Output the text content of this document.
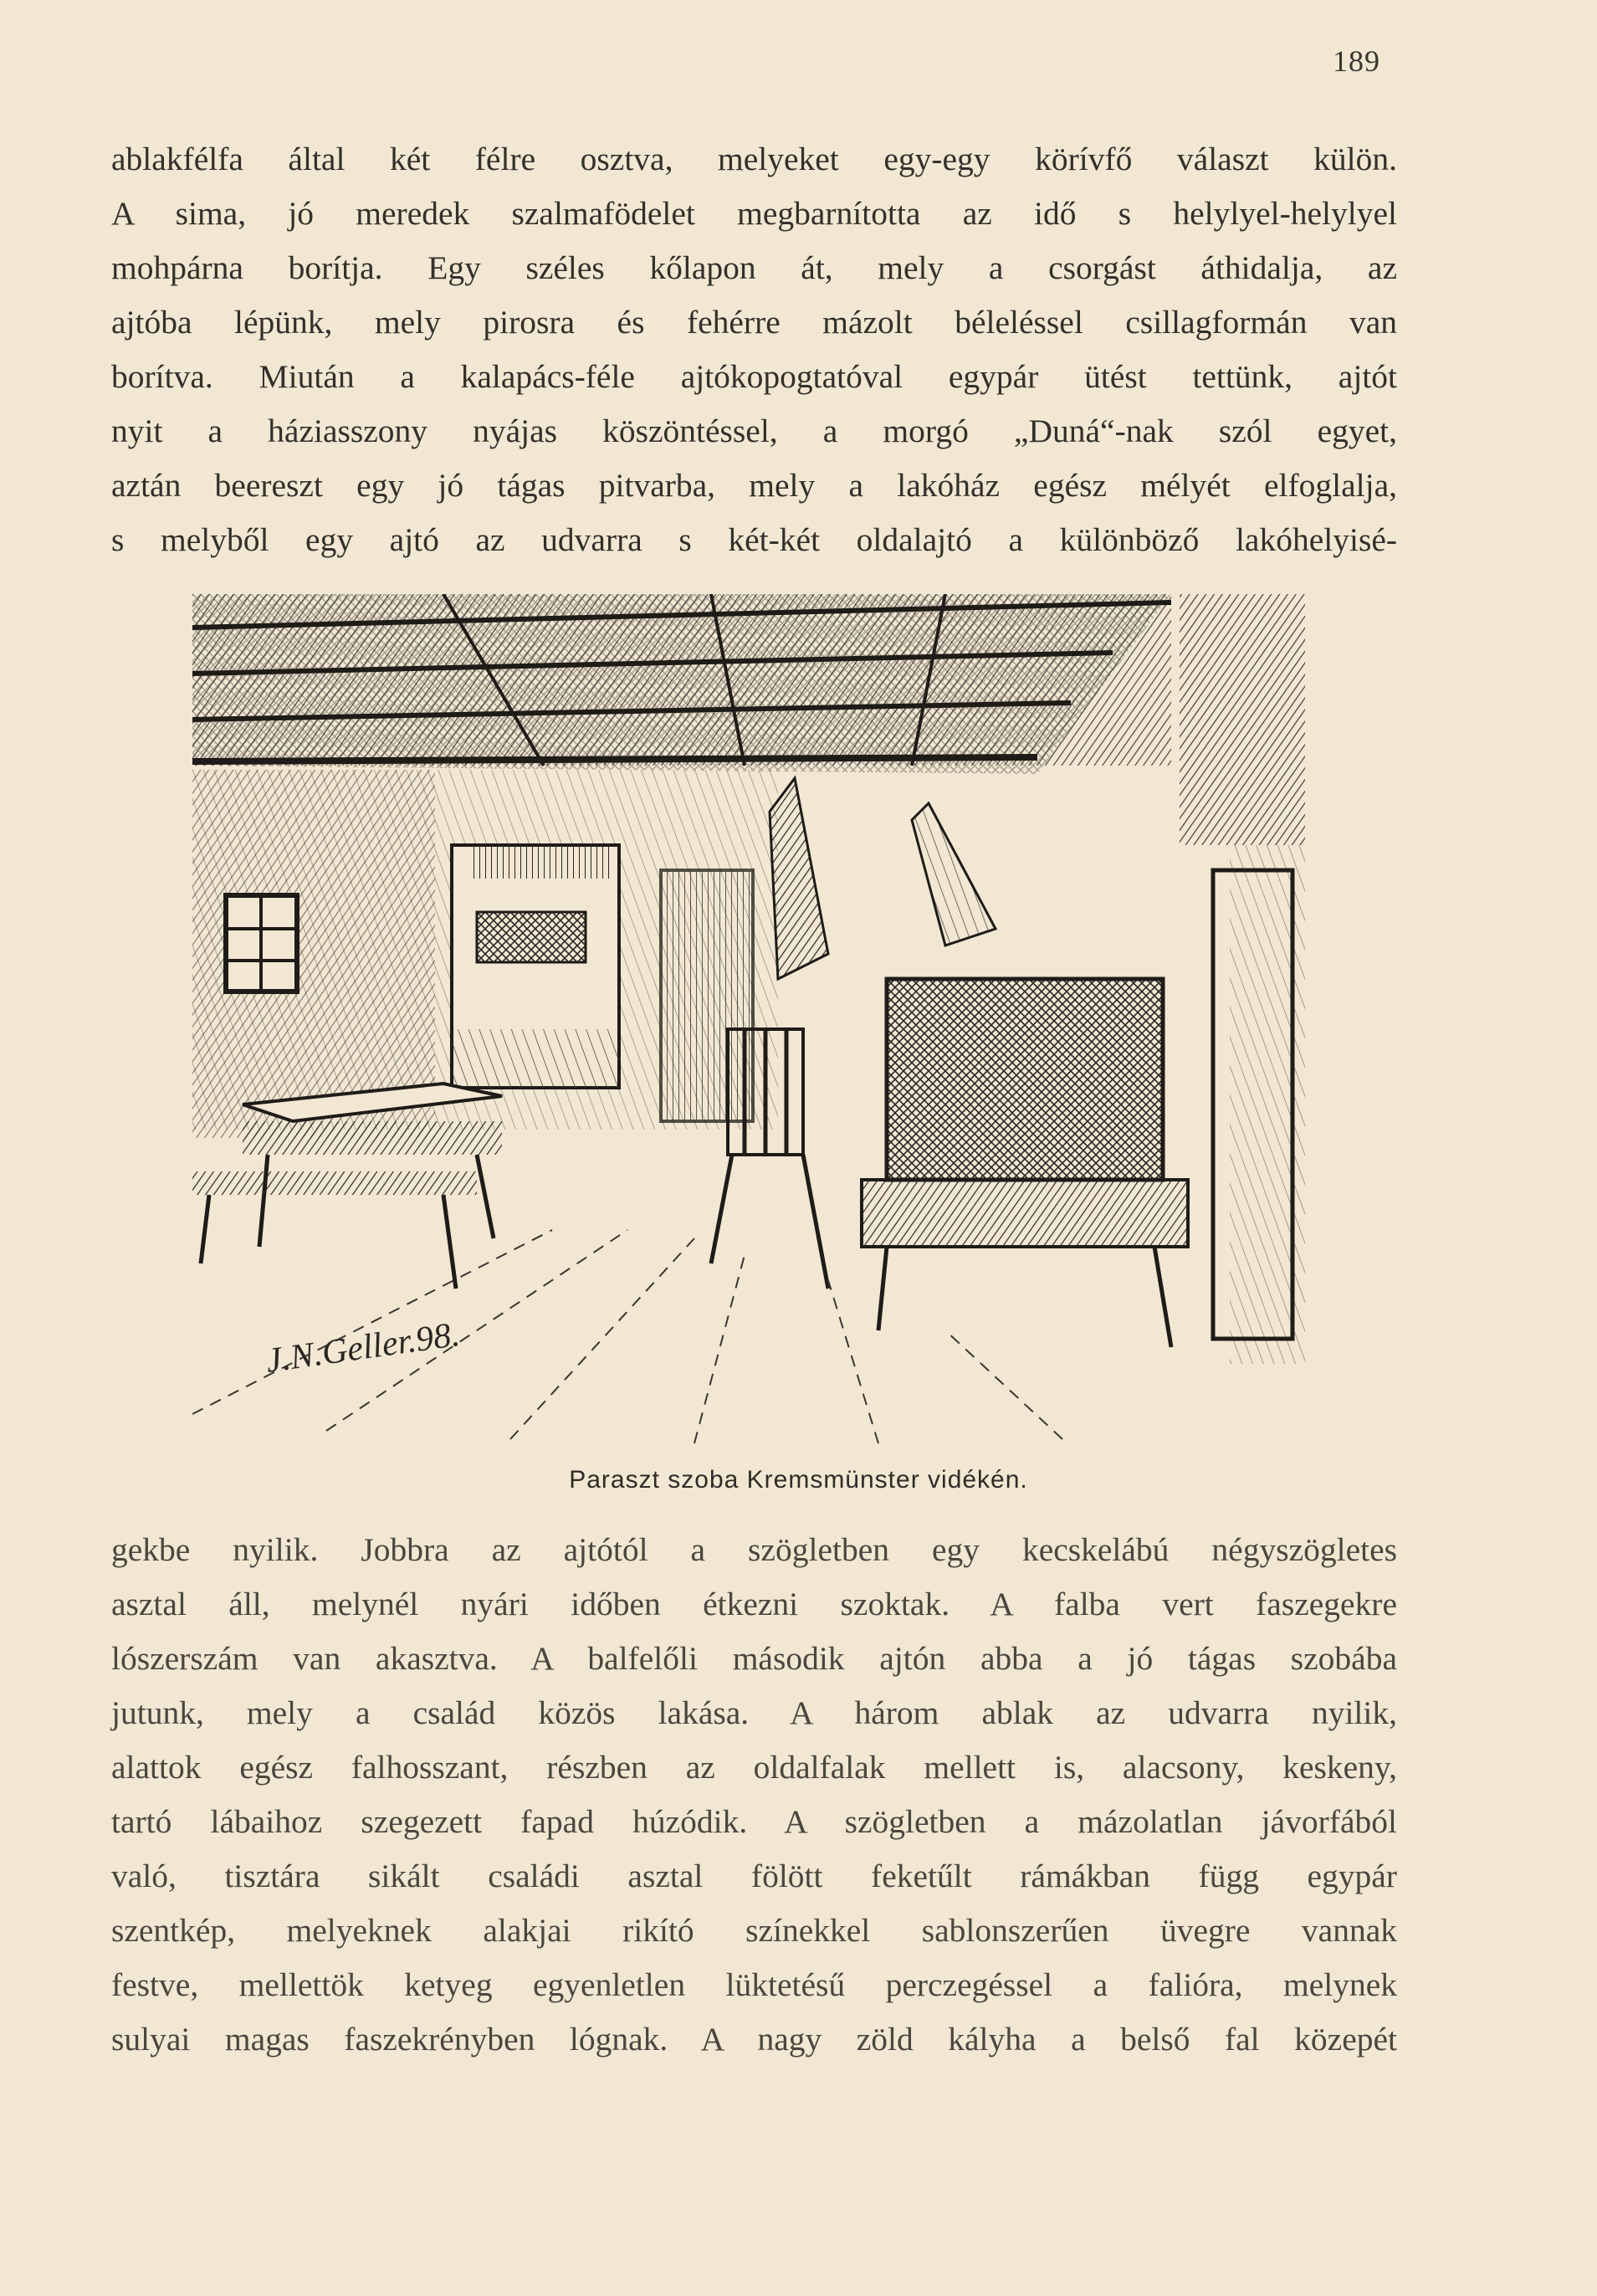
189
ablakfélfa által két félre osztva, melyeket egy-egy körívfő választ külön.
A sima, jó meredek szalmafödelet megbarnította az idő s helylyel-helylyel
mohpárna borítja. Egy széles kőlapon át, mely a csorgást áthidalja, az
ajtóba lépünk, mely pirosra és fehérre mázolt béleléssel csillagformán van
borítva. Miután a kalapács-féle ajtókopogtatóval egypár ütést tettünk, ajtót
nyit a háziasszony nyájas köszöntéssel, a morgó „Duná“-nak szól egyet,
aztán beereszt egy jó tágas pitvarba, mely a lakóház egész mélyét elfoglalja,
s melyből egy ajtó az udvarra s két-két oldalajtó a különböző lakóhelyisé-
J.N.Geller.98.
Paraszt szoba Kremsmünster vidékén.
gekbe nyilik. Jobbra az ajtótól a szögletben egy kecskelábú négyszögletes
asztal áll, melynél nyári időben étkezni szoktak. A falba vert faszegekre
lószerszám van akasztva. A balfelőli második ajtón abba a jó tágas szobába
jutunk, mely a család közös lakása. A három ablak az udvarra nyilik,
alattok egész falhosszant, részben az oldalfalak mellett is, alacsony, keskeny,
tartó lábaihoz szegezett fapad húzódik. A szögletben a mázolatlan jávorfából
való, tisztára sikált családi asztal fölött feketűlt rámákban függ egypár
szentkép, melyeknek alakjai rikító színekkel sablonszerűen üvegre vannak
festve, mellettök ketyeg egyenletlen lüktetésű perczegéssel a falióra, melynek
sulyai magas faszekrényben lógnak. A nagy zöld kályha a belső fal közepét
